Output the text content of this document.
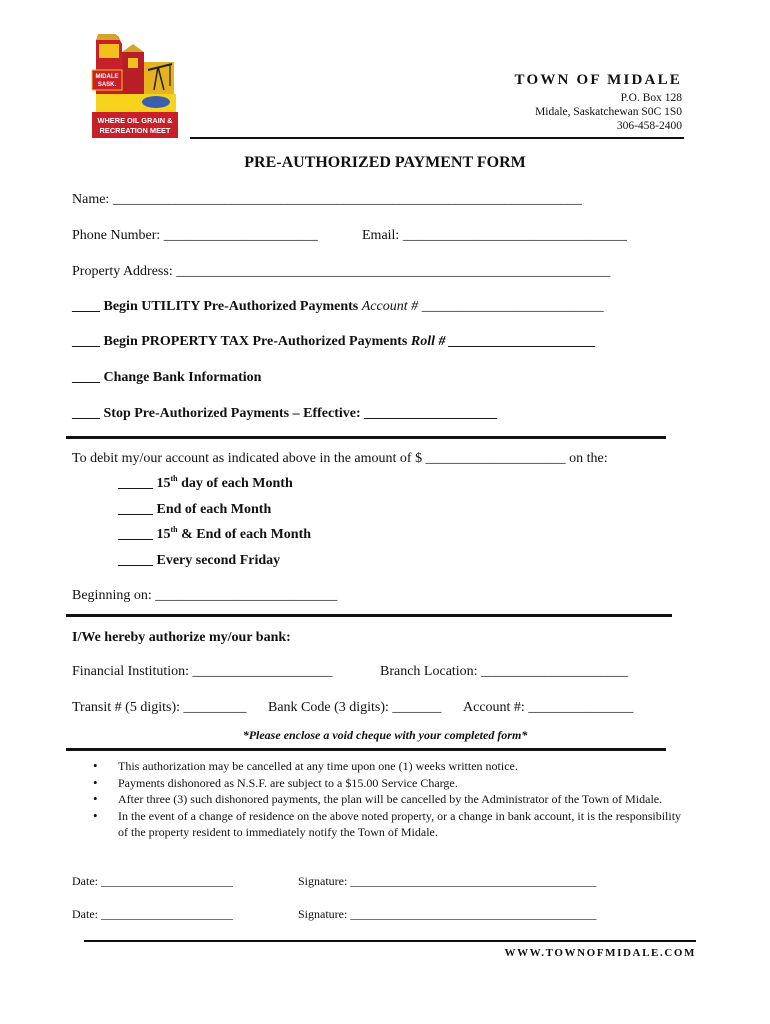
WHERE OIL GRAIN &
RECREATION MEET
MIDALE
SASK.	TOWN OF MIDALE
P.O. Box 128
Midale, Saskatchewan S0C 1S0
306-458-2400
PRE-AUTHORIZED PAYMENT FORM
Name: ___________________________________________________________________
Phone Number: ______________________	Email: ________________________________
Property Address: ______________________________________________________________
____ Begin UTILITY Pre-Authorized Payments Account # __________________________
____ Begin PROPERTY TAX Pre-Authorized Payments Roll # _____________________
____ Change Bank Information
____ Stop Pre-Authorized Payments – Effective: ___________________
To debit my/our account as indicated above in the amount of $ ____________________ on the:
_____ 15th day of each Month
_____ End of each Month
_____ 15th & End of each Month
_____ Every second Friday
Beginning on: __________________________
I/We hereby authorize my/our bank:
Financial Institution: ____________________	Branch Location: _____________________
Transit # (5 digits): _________ Bank Code (3 digits): _______ Account #: _______________
*Please enclose a void cheque with your completed form*
• This authorization may be cancelled at any time upon one (1) weeks written notice.
• Payments dishonored as N.S.F. are subject to a $15.00 Service Charge.
• After three (3) such dishonored payments, the plan will be cancelled by the Administrator of the Town of Midale.
• In the event of a change of residence on the above noted property, or a change in bank account, it is the responsibility of the property resident to immediately notify the Town of Midale.
Date: ______________________	Signature: _________________________________________
Date: ______________________	Signature: _________________________________________
WWW.TOWNOFMIDALE.COM
